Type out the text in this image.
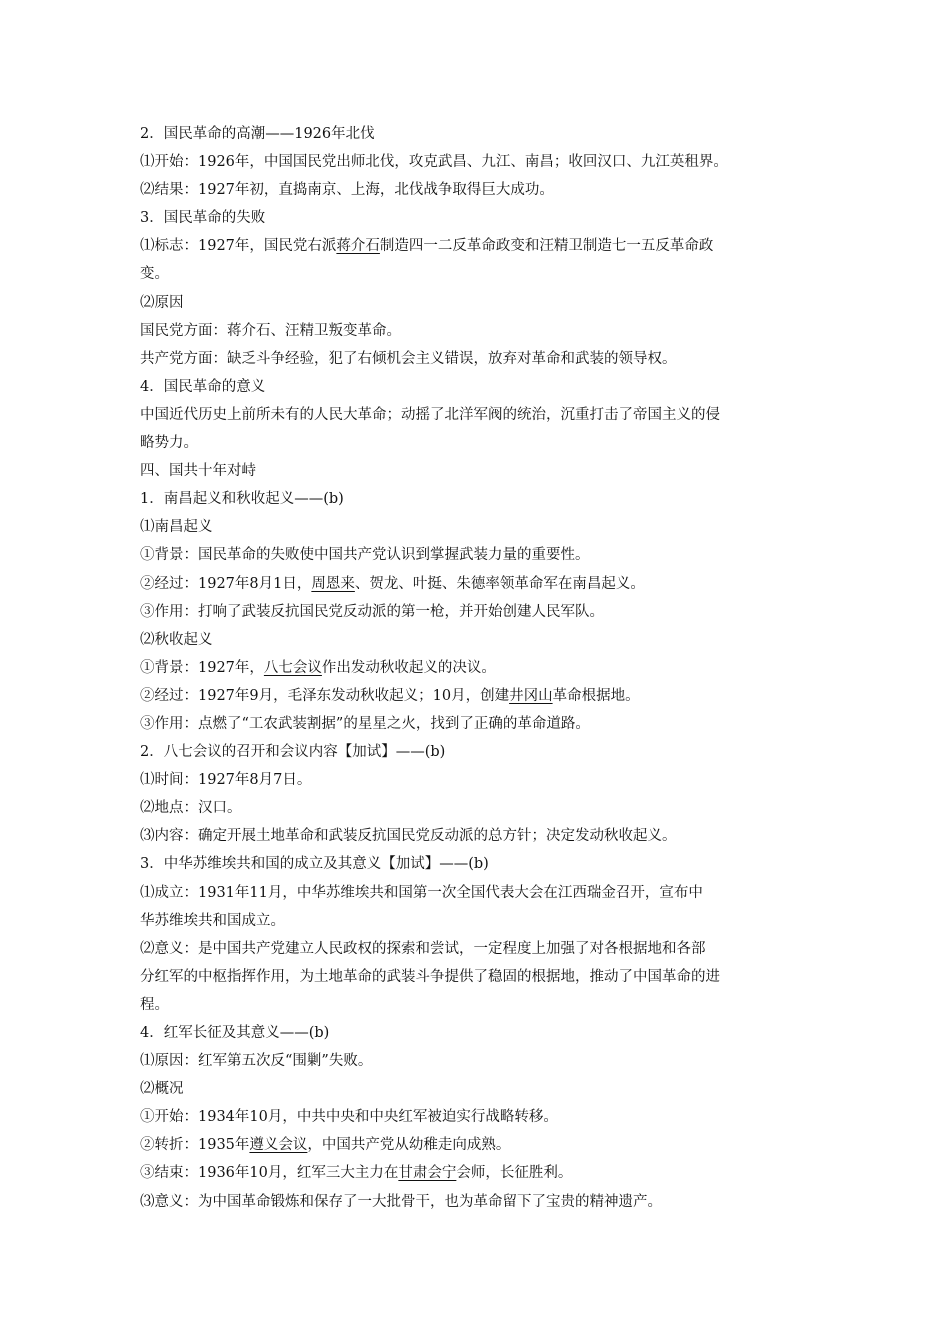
2．国民革命的高潮——1926年北伐
⑴开始：1926年，中国国民党出师北伐，攻克武昌、九江、南昌；收回汉口、九江英租界。
⑵结果：1927年初，直捣南京、上海，北伐战争取得巨大成功。
3．国民革命的失败
⑴标志：1927年，国民党右派蒋介石制造四一二反革命政变和汪精卫制造七一五反革命政
变。
⑵原因
国民党方面：蒋介石、汪精卫叛变革命。
共产党方面：缺乏斗争经验，犯了右倾机会主义错误，放弃对革命和武装的领导权。
4．国民革命的意义
中国近代历史上前所未有的人民大革命；动摇了北洋军阀的统治，沉重打击了帝国主义的侵
略势力。
四、国共十年对峙
1．南昌起义和秋收起义——(b)
⑴南昌起义
①背景：国民革命的失败使中国共产党认识到掌握武装力量的重要性。
②经过：1927年8月1日，周恩来、贺龙、叶挺、朱德率领革命军在南昌起义。
③作用：打响了武装反抗国民党反动派的第一枪，并开始创建人民军队。
⑵秋收起义
①背景：1927年，八七会议作出发动秋收起义的决议。
②经过：1927年9月，毛泽东发动秋收起义；10月，创建井冈山革命根据地。
③作用：点燃了“工农武装割据”的星星之火，找到了正确的革命道路。
2．八七会议的召开和会议内容【加试】——(b)
⑴时间：1927年8月7日。
⑵地点：汉口。
⑶内容：确定开展土地革命和武装反抗国民党反动派的总方针；决定发动秋收起义。
3．中华苏维埃共和国的成立及其意义【加试】——(b)
⑴成立：1931年11月，中华苏维埃共和国第一次全国代表大会在江西瑞金召开，宣布中
华苏维埃共和国成立。
⑵意义：是中国共产党建立人民政权的探索和尝试，一定程度上加强了对各根据地和各部
分红军的中枢指挥作用，为土地革命的武装斗争提供了稳固的根据地，推动了中国革命的进
程。
4．红军长征及其意义——(b)
⑴原因：红军第五次反“围剿”失败。
⑵概况
①开始：1934年10月，中共中央和中央红军被迫实行战略转移。
②转折：1935年遵义会议，中国共产党从幼稚走向成熟。
③结束：1936年10月，红军三大主力在甘肃会宁会师，长征胜利。
⑶意义：为中国革命锻炼和保存了一大批骨干，也为革命留下了宝贵的精神遗产。
